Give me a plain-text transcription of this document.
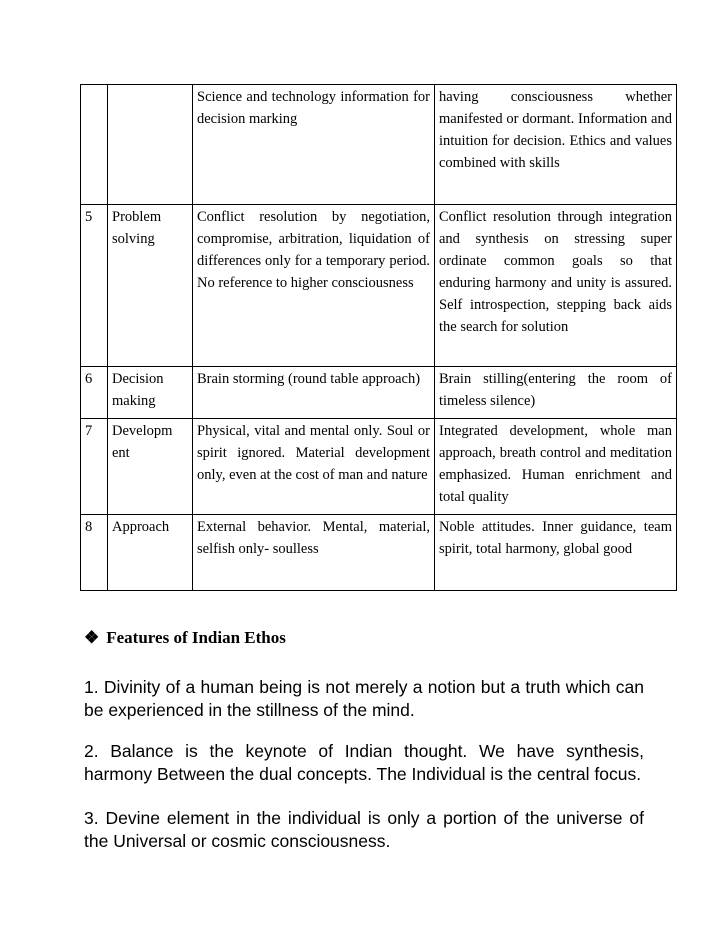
		Science and technology information for decision marking	having consciousness whether manifested or dormant. Information and intuition for decision. Ethics and values combined with skills
5	Problem solving	Conflict resolution by negotiation, compromise, arbitration, liquidation of differences only for a temporary period. No reference to higher consciousness	Conflict resolution through integration and synthesis on stressing super ordinate common goals so that enduring harmony and unity is assured. Self introspection, stepping back aids the search for solution
6	Decision making	Brain storming (round table approach)	Brain stilling(entering the room of timeless silence)
7	Developm ent	Physical, vital and mental only. Soul or spirit ignored. Material development only, even at the cost of man and nature	Integrated development, whole man approach, breath control and meditation emphasized. Human enrichment and total quality
8	Approach	External behavior. Mental, material, selfish only- soulless	Noble attitudes. Inner guidance, team spirit, total harmony, global good
❖ Features of Indian Ethos
1. Divinity of a human being is not merely a notion but a truth which can be experienced in the stillness of the mind.
2. Balance is the keynote of Indian thought. We have synthesis, harmony Between the dual concepts. The Individual is the central focus.
3. Devine element in the individual is only a portion of the universe of the Universal or cosmic consciousness.
